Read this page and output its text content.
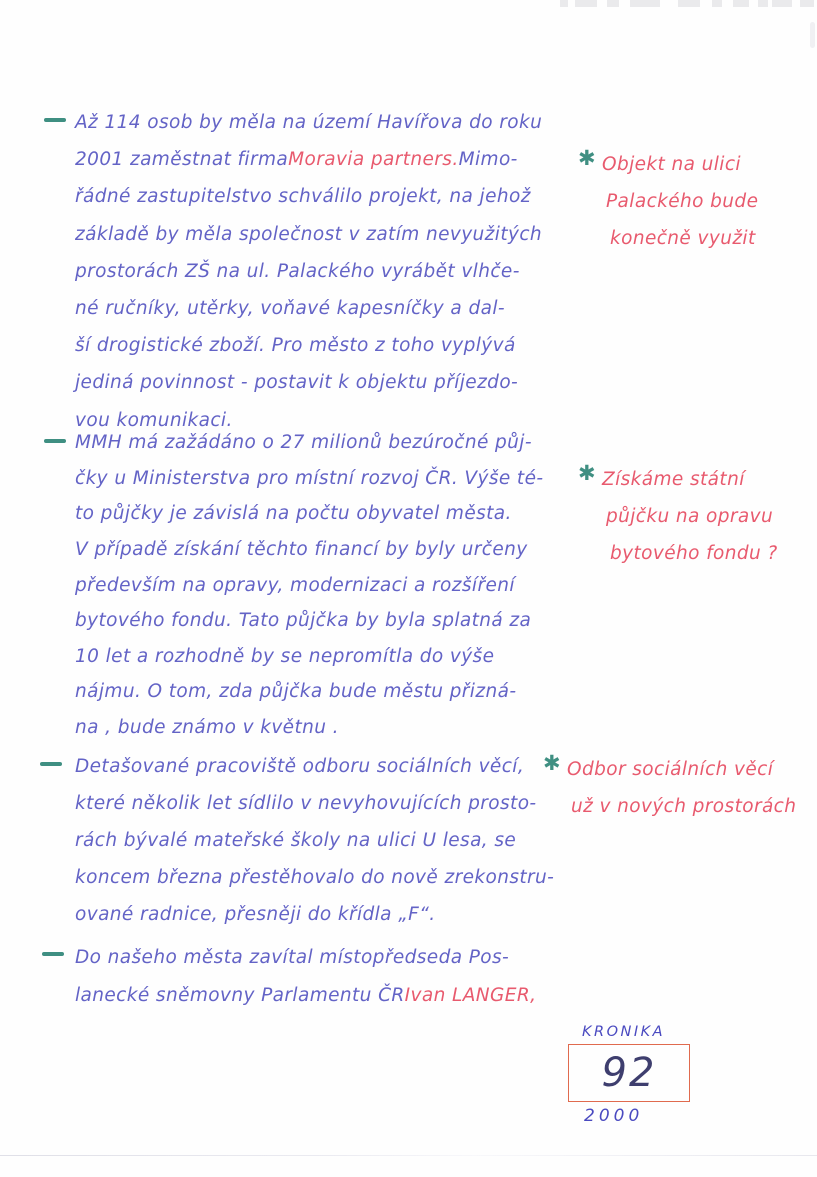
Až 114 osob by měla na území Havířova do roku
2001 zaměstnat firma Moravia partners. Mimo-
řádné zastupitelstvo schválilo projekt, na jehož
základě by měla společnost v zatím nevyužitých
prostorách ZŠ na ul. Palackého vyrábět vlhče-
né ručníky, utěrky, voňavé kapesníčky a dal-
ší drogistické zboží. Pro město z toho vyplývá
jediná povinnost - postavit k objektu příjezdo-
vou komunikaci.
MMH má zažádáno o 27 milionů bezúročné půj-
čky u Ministerstva pro místní rozvoj ČR. Výše té-
to půjčky je závislá na počtu obyvatel města.
V případě získání těchto financí by byly určeny
především na opravy, modernizaci a rozšíření
bytového fondu. Tato půjčka by byla splatná za
10 let a rozhodně by se nepromítla do výše
nájmu. O tom, zda půjčka bude městu přizná-
na , bude známo v květnu .
Detašované pracoviště odboru sociálních věcí,
které několik let sídlilo v nevyhovujících prosto-
rách bývalé mateřské školy na ulici U lesa, se
koncem března přestěhovalo do nově zrekonstru-
ované radnice, přesněji do křídla „F“.
Do našeho města zavítal místopředseda Pos-
lanecké sněmovny Parlamentu ČR Ivan LANGER,
✱ Objekt na ulici
Palackého bude
konečně využit
✱ Získáme státní
půjčku na opravu
bytového fondu ?
✱ Odbor sociálních věcí
už v nových prostorách
KRONIKA
92
2000
